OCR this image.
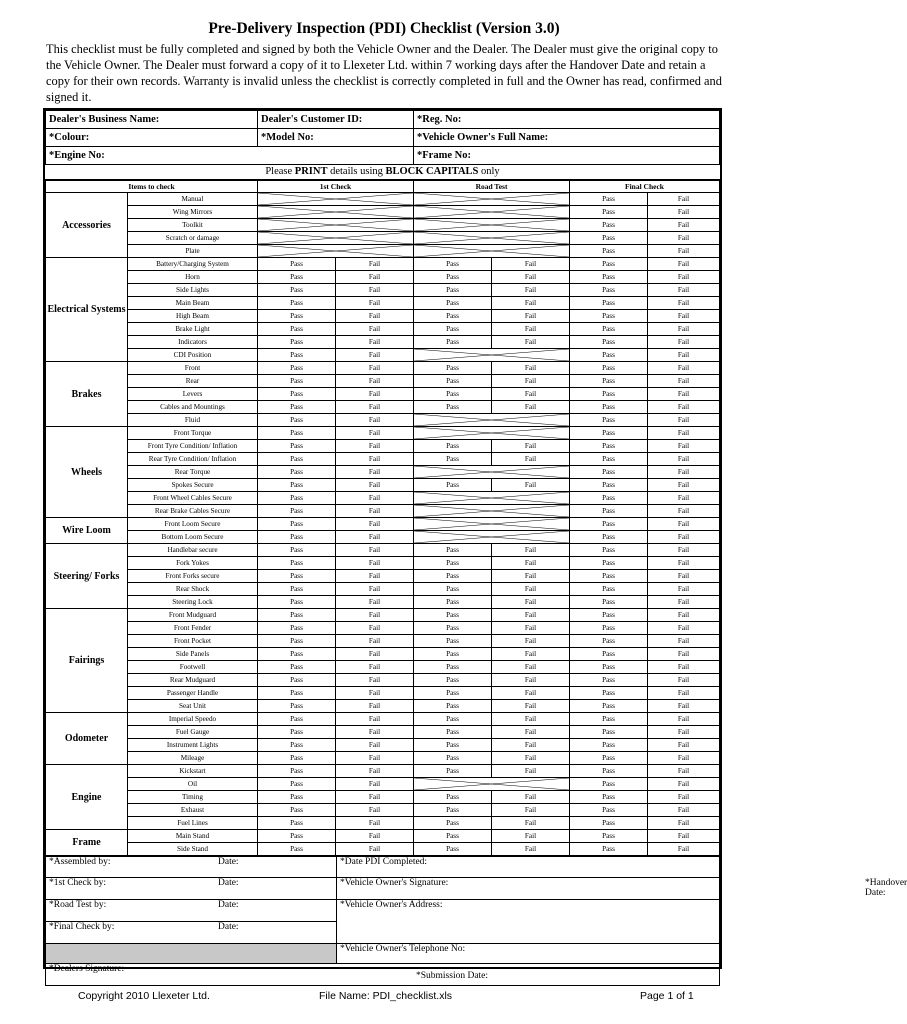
Pre-Delivery Inspection (PDI) Checklist (Version 3.0)
This checklist must be fully completed and signed by both the Vehicle Owner and the Dealer. The Dealer must give the original copy to the Vehicle Owner. The Dealer must forward a copy of it to Llexeter Ltd. within 7 working days after the Handover Date and retain a copy for their own records. Warranty is invalid unless the checklist is correctly completed in full and the Owner has read, confirmed and signed it.
Dealer's Business Name:	Dealer's Customer ID:	*Reg. No:
*Colour:	*Model No:	*Vehicle Owner's Full Name:
*Engine No:		*Frame No:
Please PRINT details using BLOCK CAPITALS only
Items to check		1st Check		Road Test		Final Check	
Accessories	Manual					Pass	Fail
	Wing Mirrors					Pass	Fail
	Toolkit					Pass	Fail
	Scratch or damage					Pass	Fail
	Plate					Pass	Fail
Electrical Systems	Battery/Charging System	Pass	Fail	Pass	Fail	Pass	Fail
	Horn	Pass	Fail	Pass	Fail	Pass	Fail
	Side Lights	Pass	Fail	Pass	Fail	Pass	Fail
	Main Beam	Pass	Fail	Pass	Fail	Pass	Fail
	High Beam	Pass	Fail	Pass	Fail	Pass	Fail
	Brake Light	Pass	Fail	Pass	Fail	Pass	Fail
	Indicators	Pass	Fail	Pass	Fail	Pass	Fail
	CDI Position	Pass	Fail			Pass	Fail
Brakes	Front	Pass	Fail	Pass	Fail	Pass	Fail
	Rear	Pass	Fail	Pass	Fail	Pass	Fail
	Levers	Pass	Fail	Pass	Fail	Pass	Fail
	Cables and Mountings	Pass	Fail	Pass	Fail	Pass	Fail
	Fluid	Pass	Fail			Pass	Fail
Wheels	Front Torque	Pass	Fail			Pass	Fail
	Front Tyre Condition/ Inflation	Pass	Fail	Pass	Fail	Pass	Fail
	Rear Tyre Condition/ Inflation	Pass	Fail	Pass	Fail	Pass	Fail
	Rear Torque	Pass	Fail			Pass	Fail
	Spokes Secure	Pass	Fail	Pass	Fail	Pass	Fail
	Front Wheel Cables Secure	Pass	Fail			Pass	Fail
	Rear Brake Cables Secure	Pass	Fail			Pass	Fail
Wire Loom	Front Loom Secure	Pass	Fail			Pass	Fail
	Bottom Loom Secure	Pass	Fail			Pass	Fail
Steering/ Forks	Handlebar secure	Pass	Fail	Pass	Fail	Pass	Fail
	Fork Yokes	Pass	Fail	Pass	Fail	Pass	Fail
	Front Forks secure	Pass	Fail	Pass	Fail	Pass	Fail
	Rear Shock	Pass	Fail	Pass	Fail	Pass	Fail
	Steering Lock	Pass	Fail	Pass	Fail	Pass	Fail
Fairings	Front Mudguard	Pass	Fail	Pass	Fail	Pass	Fail
	Front Fender	Pass	Fail	Pass	Fail	Pass	Fail
	Front Pocket	Pass	Fail	Pass	Fail	Pass	Fail
	Side Panels	Pass	Fail	Pass	Fail	Pass	Fail
	Footwell	Pass	Fail	Pass	Fail	Pass	Fail
	Rear Mudguard	Pass	Fail	Pass	Fail	Pass	Fail
	Passenger Handle	Pass	Fail	Pass	Fail	Pass	Fail
	Seat Unit	Pass	Fail	Pass	Fail	Pass	Fail
Odometer	Imperial Speedo	Pass	Fail	Pass	Fail	Pass	Fail
	Fuel Gauge	Pass	Fail	Pass	Fail	Pass	Fail
	Instrument Lights	Pass	Fail	Pass	Fail	Pass	Fail
	Mileage	Pass	Fail	Pass	Fail	Pass	Fail
Engine	Kickstart	Pass	Fail	Pass	Fail	Pass	Fail
	Oil	Pass	Fail			Pass	Fail
	Timing	Pass	Fail	Pass	Fail	Pass	Fail
	Exhaust	Pass	Fail	Pass	Fail	Pass	Fail
	Fuel Lines	Pass	Fail	Pass	Fail	Pass	Fail
Frame	Main Stand	Pass	Fail	Pass	Fail	Pass	Fail
	Side Stand	Pass	Fail	Pass	Fail	Pass	Fail
*Assembled by: Date:	*Date PDI Completed:
*1st Check by: Date:	*Vehicle Owner's Signature: *Handover Date:

*Road Test by: Date:	*Vehicle Owner's Address:
*Final Check by: Date:	

	*Vehicle Owner's Telephone No:
*Dealers Signature:
*Submission Date:	
Copyright 2010 Llexeter Ltd.	File Name: PDI_checklist.xls	Page 1 of 1
